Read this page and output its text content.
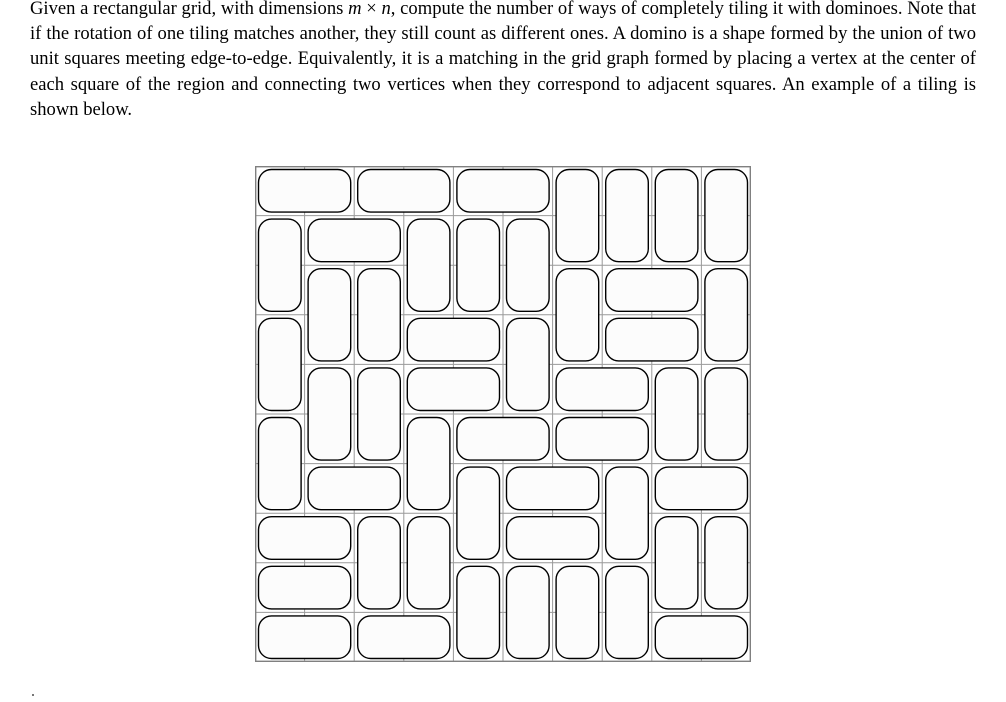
Given a rectangular grid, with dimensions m × n, compute the number of ways of completely tiling it with dominoes. Note that if the rotation of one tiling matches another, they still count as different ones. A domino is a shape formed by the union of two unit squares meeting edge-to-edge. Equivalently, it is a matching in the grid graph formed by placing a vertex at the center of each square of the region and connecting two vertices when they correspond to adjacent squares. An example of a tiling is shown below.
